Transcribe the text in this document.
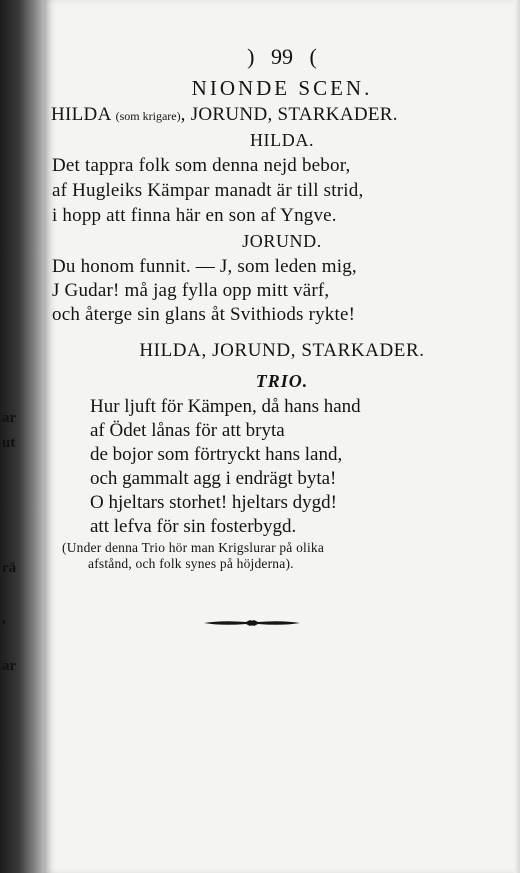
ar
ut
rä
,
ar
)   99   (
NIONDE SCEN.
HILDA (som krigare), JORUND, STARKADER.
HILDA.
Det tappra folk som denna nejd bebor,
af Hugleiks Kämpar manadt är till strid,
i hopp att finna här en son af Yngve.
JORUND.
Du honom funnit. — J, som leden mig,
J Gudar! må jag fylla opp mitt värf,
och återge sin glans åt Svithiods rykte!
HILDA, JORUND, STARKADER.
TRIO.
Hur ljuft för Kämpen, då hans hand
af Ödet lånas för att bryta
de bojor som förtryckt hans land,
och gammalt agg i endrägt byta!
O hjeltars storhet! hjeltars dygd!
att lefva för sin fosterbygd.
(Under denna Trio hör man Krigslurar på olika
afstånd, och folk synes på höjderna).
